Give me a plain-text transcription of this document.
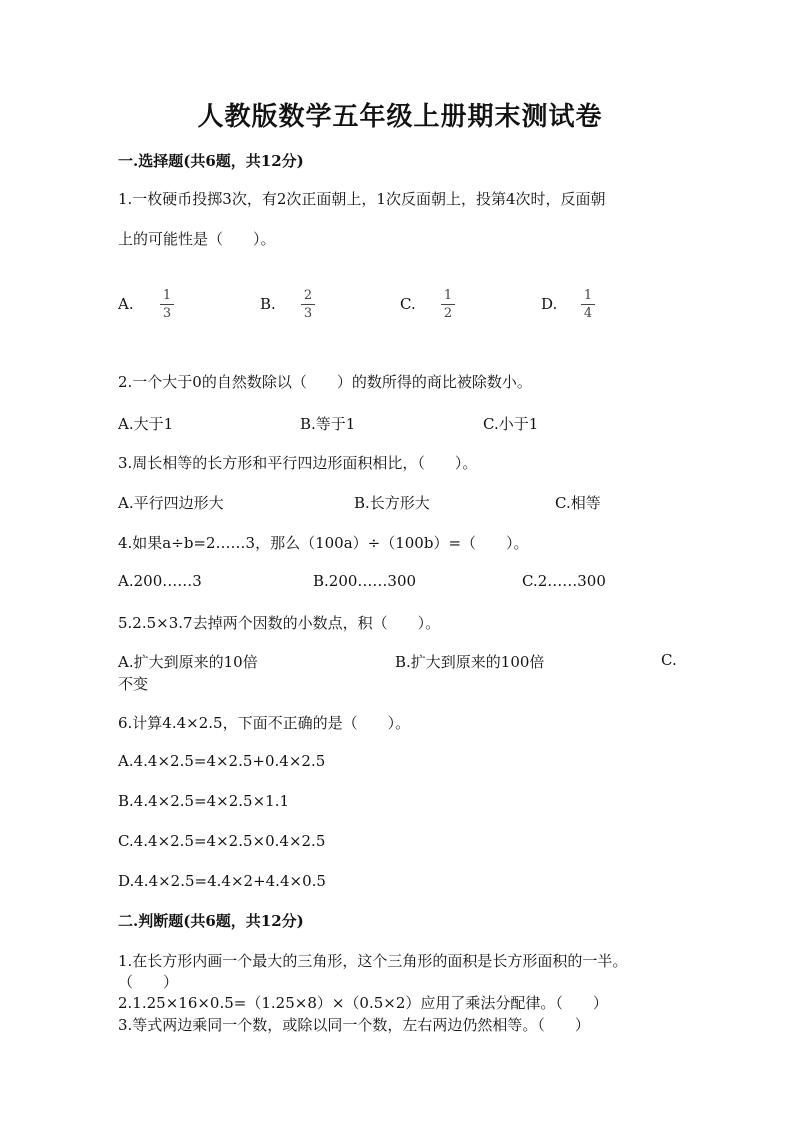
人教版数学五年级上册期末测试卷
一.选择题(共6题，共12分)
1.一枚硬币投掷3次，有2次正面朝上，1次反面朝上，投第4次时，反面朝
上的可能性是（　　）。
A. 1
3
B. 2
3
C. 1
2
D. 1
4
2.一个大于0的自然数除以（　　）的数所得的商比被除数小。
A.大于1	B.等于1	C.小于1
3.周长相等的长方形和平行四边形面积相比，（　　）。
A.平行四边形大	B.长方形大	C.相等
4.如果a÷b=2……3，那么（100a）÷（100b）=（　　）。
A.200……3	B.200……300	C.2……300
5.2.5×3.7去掉两个因数的小数点，积（　　）。
A.扩大到原来的10倍	B.扩大到原来的100倍	C.
不变
6.计算4.4×2.5，下面不正确的是（　　）。
A.4.4×2.5=4×2.5+0.4×2.5
B.4.4×2.5=4×2.5×1.1
C.4.4×2.5=4×2.5×0.4×2.5
D.4.4×2.5=4.4×2+4.4×0.5
二.判断题(共6题，共12分)
1.在长方形内画一个最大的三角形，这个三角形的面积是长方形面积的一半。
（　　）
2.1.25×16×0.5=（1.25×8）×（0.5×2）应用了乘法分配律。（　　）
3.等式两边乘同一个数，或除以同一个数，左右两边仍然相等。（　　）
